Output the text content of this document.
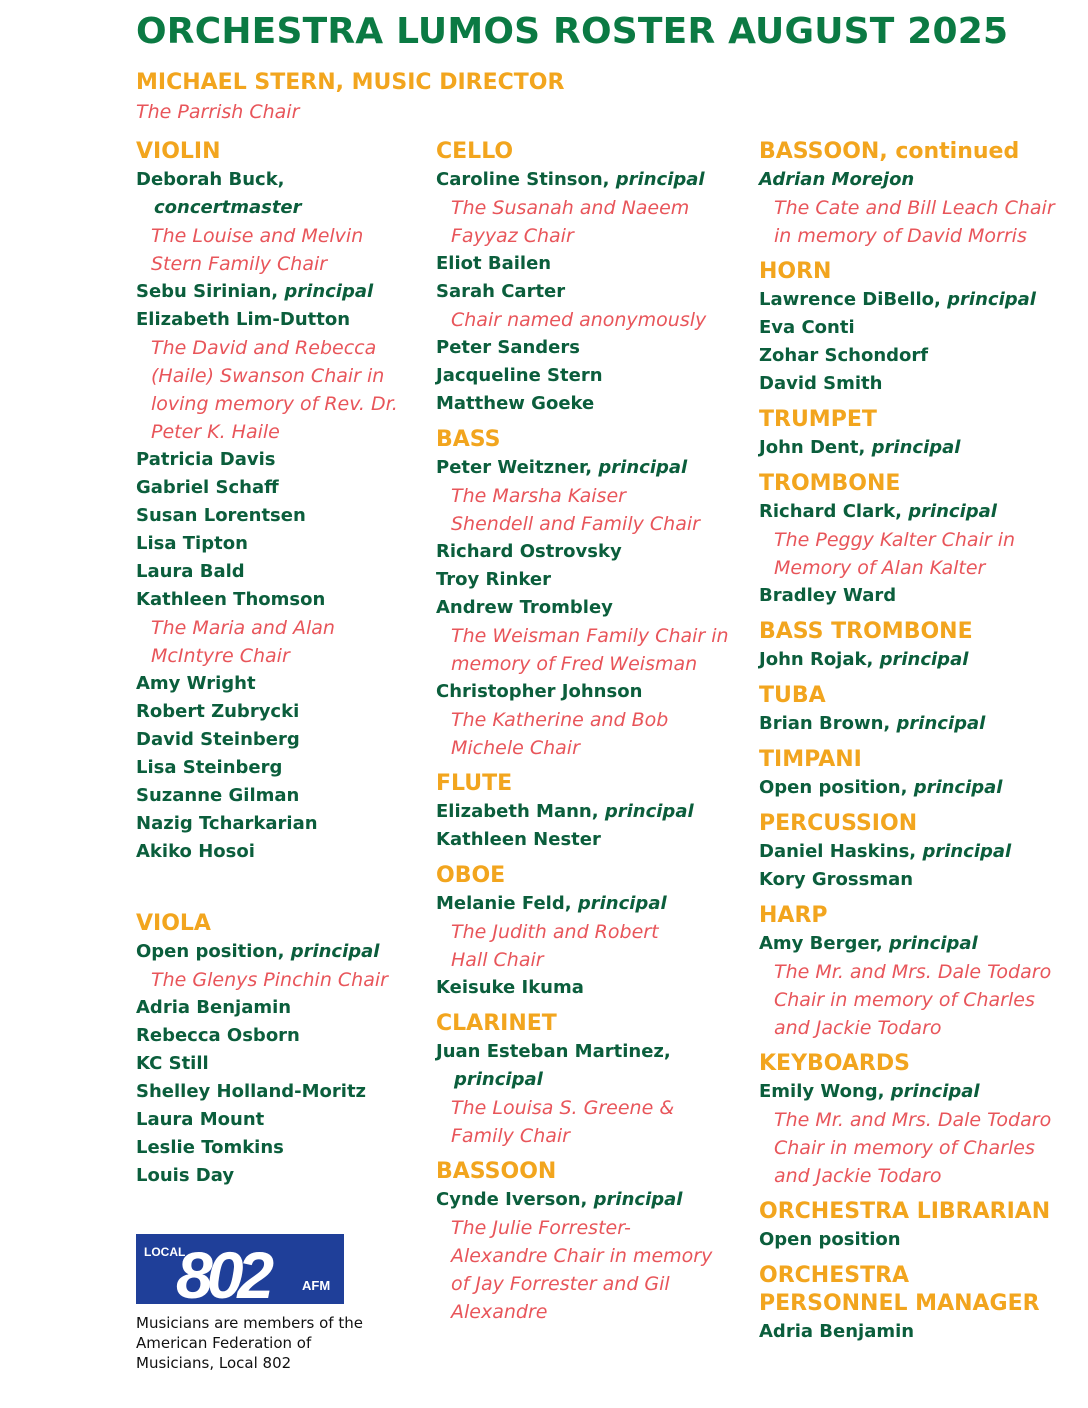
ORCHESTRA LUMOS ROSTER AUGUST 2025
MICHAEL STERN, MUSIC DIRECTOR
The Parrish Chair
VIOLIN
Deborah Buck,
concertmaster
The Louise and Melvin
Stern Family Chair
Sebu Sirinian, principal
Elizabeth Lim-Dutton
The David and Rebecca
(Haile) Swanson Chair in
loving memory of Rev. Dr.
Peter K. Haile
Patricia Davis
Gabriel Schaff
Susan Lorentsen
Lisa Tipton
Laura Bald
Kathleen Thomson
The Maria and Alan
McIntyre Chair
Amy Wright
Robert Zubrycki
David Steinberg
Lisa Steinberg
Suzanne Gilman
Nazig Tcharkarian
Akiko Hosoi
VIOLA
Open position, principal
The Glenys Pinchin Chair
Adria Benjamin
Rebecca Osborn
KC Still
Shelley Holland-Moritz
Laura Mount
Leslie Tomkins
Louis Day
CELLO
Caroline Stinson, principal
The Susanah and Naeem
Fayyaz Chair
Eliot Bailen
Sarah Carter
Chair named anonymously
Peter Sanders
Jacqueline Stern
Matthew Goeke
BASS
Peter Weitzner, principal
The Marsha Kaiser
Shendell and Family Chair
Richard Ostrovsky
Troy Rinker
Andrew Trombley
The Weisman Family Chair in
memory of Fred Weisman
Christopher Johnson
The Katherine and Bob
Michele Chair
FLUTE
Elizabeth Mann, principal
Kathleen Nester
OBOE
Melanie Feld, principal
The Judith and Robert
Hall Chair
Keisuke Ikuma
CLARINET
Juan Esteban Martinez,
principal
The Louisa S. Greene &
Family Chair
BASSOON
Cynde Iverson, principal
The Julie Forrester-
Alexandre Chair in memory
of Jay Forrester and Gil
Alexandre
BASSOON, continued
Adrian Morejon
The Cate and Bill Leach Chair
in memory of David Morris
HORN
Lawrence DiBello, principal
Eva Conti
Zohar Schondorf
David Smith
TRUMPET
John Dent, principal
TROMBONE
Richard Clark, principal
The Peggy Kalter Chair in
Memory of Alan Kalter
Bradley Ward
BASS TROMBONE
John Rojak, principal
TUBA
Brian Brown, principal
TIMPANI
Open position, principal
PERCUSSION
Daniel Haskins, principal
Kory Grossman
HARP
Amy Berger, principal
The Mr. and Mrs. Dale Todaro
Chair in memory of Charles
and Jackie Todaro
KEYBOARDS
Emily Wong, principal
The Mr. and Mrs. Dale Todaro
Chair in memory of Charles
and Jackie Todaro
ORCHESTRA LIBRARIAN
Open position
ORCHESTRA
PERSONNEL MANAGER
Adria Benjamin
LOCAL
802	AFM
Musicians are members of the
American Federation of
Musicians, Local 802
